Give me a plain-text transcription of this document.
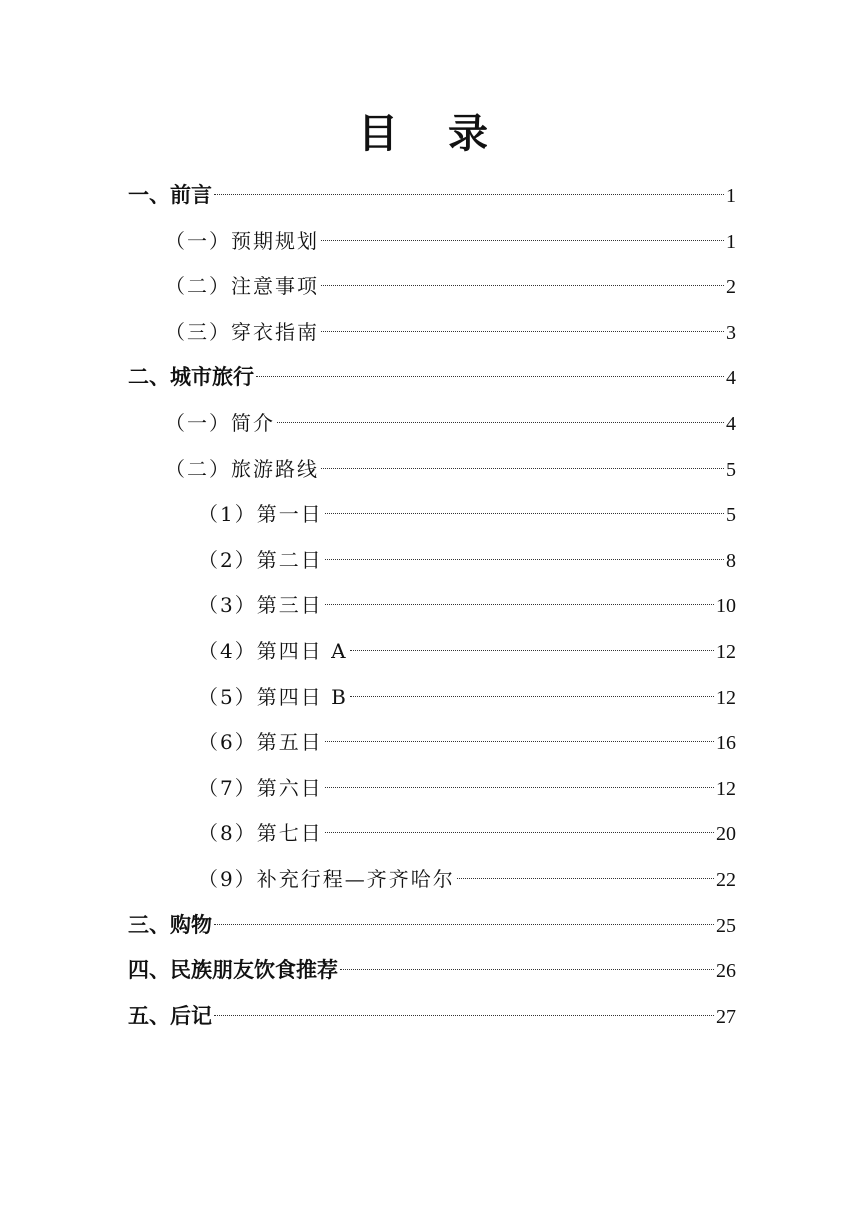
目 录
一、前言	1
（一）预期规划	1
（二）注意事项	2
（三）穿衣指南	3
二、城市旅行	4
（一）简介	4
（二）旅游路线	5
（1）第一日	5
（2）第二日	8
（3）第三日	10
（4）第四日 A	12
（5）第四日 B	12
（6）第五日	16
（7）第六日	12
（8）第七日	20
（9）补充行程—齐齐哈尔	22
三、购物	25
四、民族朋友饮食推荐	26
五、后记	27
